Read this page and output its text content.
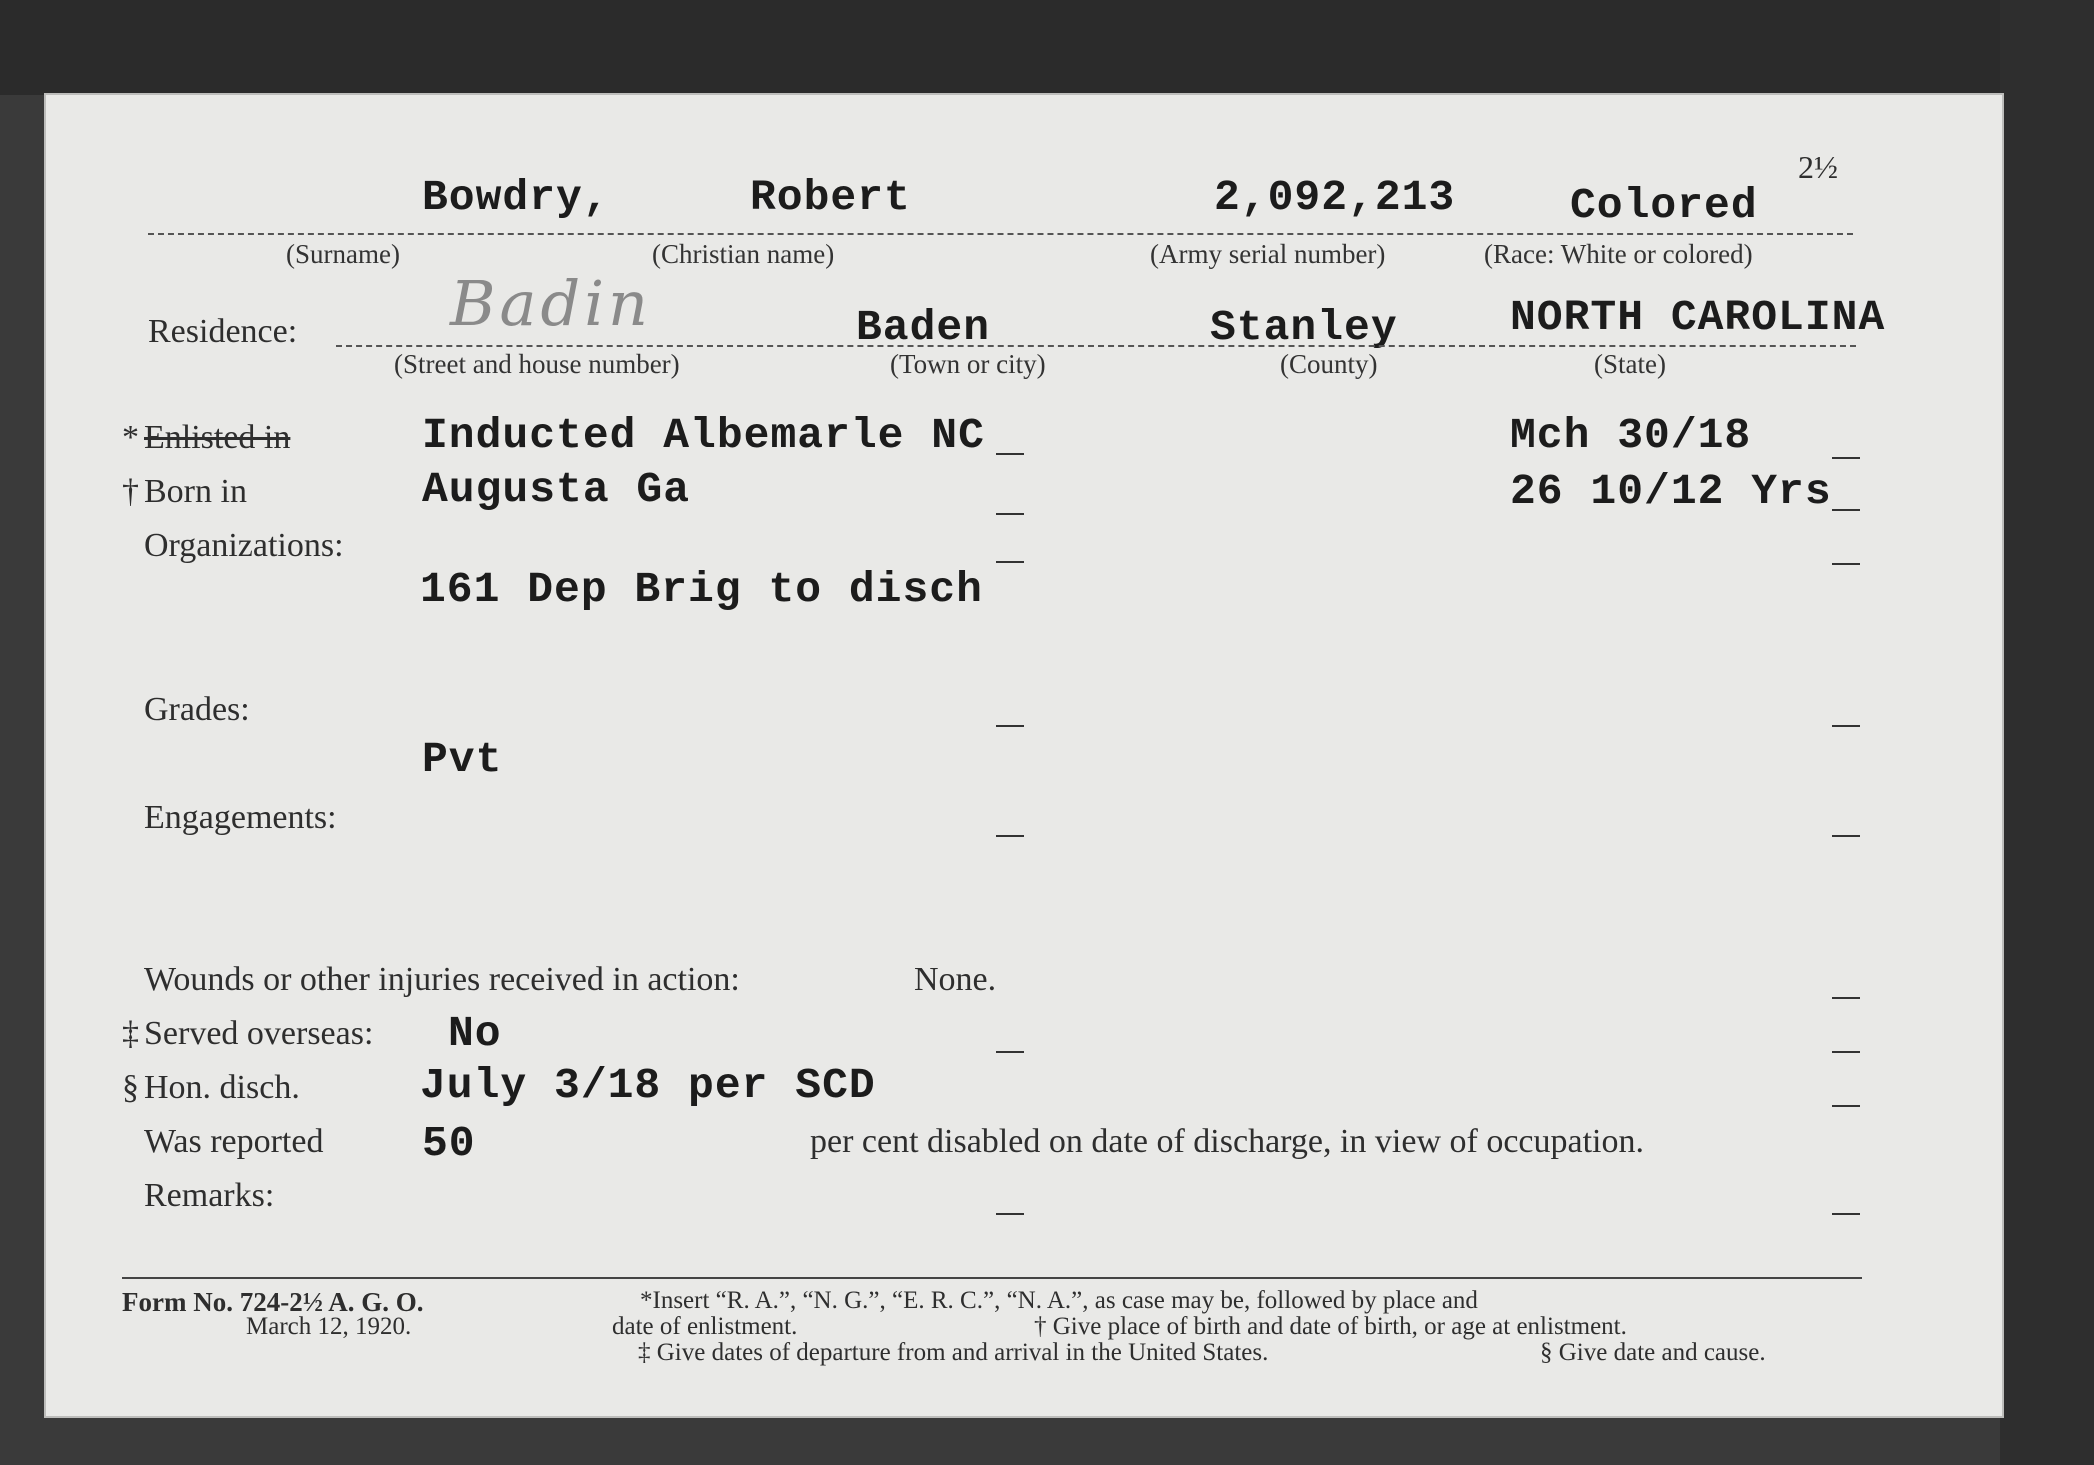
Bowdry,	Robert	2,092,213	Colored
2½
(Surname)	(Christian name)	(Army serial number)	(Race: White or colored)
Residence: Badin	Baden	Stanley	NORTH CAROLINA
(Street and house number)	(Town or city)	(County)	(State)
* Enlisted in	Inducted Albemarle NC	Mch 30/18
† Born in	Augusta Ga	26 10/12 Yrs
Organizations:
161 Dep Brig to disch
Grades:
Pvt
Engagements:
Wounds or other injuries received in action:	None.
‡ Served overseas: No
§ Hon. disch.	July 3/18 per SCD
Was reported 50	per cent disabled on date of discharge, in view of occupation.
Remarks:
Form No. 724-2½ A. G. O.
March 12, 1920.
*Insert “R. A.”, “N. G.”, “E. R. C.”, “N. A.”, as case may be, followed by place and
date of enlistment.	† Give place of birth and date of birth, or age at enlistment.
‡ Give dates of departure from and arrival in the United States.	§ Give date and cause.
